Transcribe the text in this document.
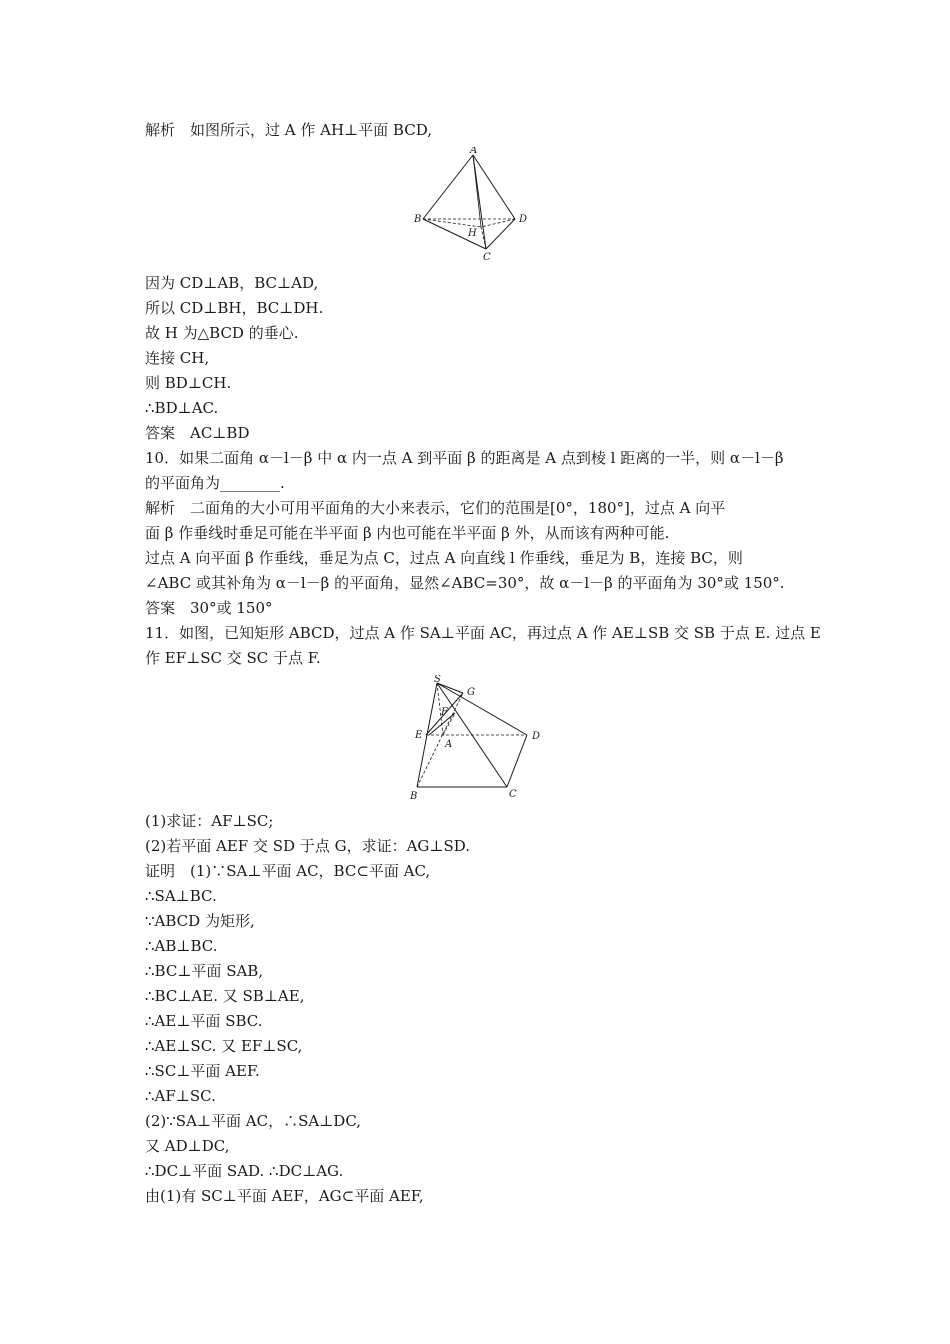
解析　如图所示，过 A 作 AH⊥平面 BCD,
A
B	D
C
H
因为 CD⊥AB，BC⊥AD,
所以 CD⊥BH，BC⊥DH.
故 H 为△BCD 的垂心.
连接 CH,
则 BD⊥CH.
∴BD⊥AC.
答案　AC⊥BD
10．如果二面角 α－l－β 中 α 内一点 A 到平面 β 的距离是 A 点到棱 l 距离的一半，则 α－l－β
的平面角为________.
解析　二面角的大小可用平面角的大小来表示，它们的范围是[0°，180°]，过点 A 向平
面 β 作垂线时垂足可能在半平面 β 内也可能在半平面 β 外，从而该有两种可能.
过点 A 向平面 β 作垂线，垂足为点 C，过点 A 向直线 l 作垂线，垂足为 B，连接 BC，则
∠ABC 或其补角为 α－l－β 的平面角，显然∠ABC=30°，故 α－l－β 的平面角为 30°或 150°.
答案　30°或 150°
11．如图，已知矩形 ABCD，过点 A 作 SA⊥平面 AC，再过点 A 作 AE⊥SB 交 SB 于点 E. 过点 E
作 EF⊥SC 交 SC 于点 F.
S
G
F
E
A
D
B	C
(1)求证：AF⊥SC;
(2)若平面 AEF 交 SD 于点 G，求证：AG⊥SD.
证明　(1)∵SA⊥平面 AC，BC⊂平面 AC,
∴SA⊥BC.
∵ABCD 为矩形,
∴AB⊥BC.
∴BC⊥平面 SAB,
∴BC⊥AE. 又 SB⊥AE,
∴AE⊥平面 SBC.
∴AE⊥SC. 又 EF⊥SC,
∴SC⊥平面 AEF.
∴AF⊥SC.
(2)∵SA⊥平面 AC，∴SA⊥DC,
又 AD⊥DC,
∴DC⊥平面 SAD. ∴DC⊥AG.
由(1)有 SC⊥平面 AEF，AG⊂平面 AEF,
